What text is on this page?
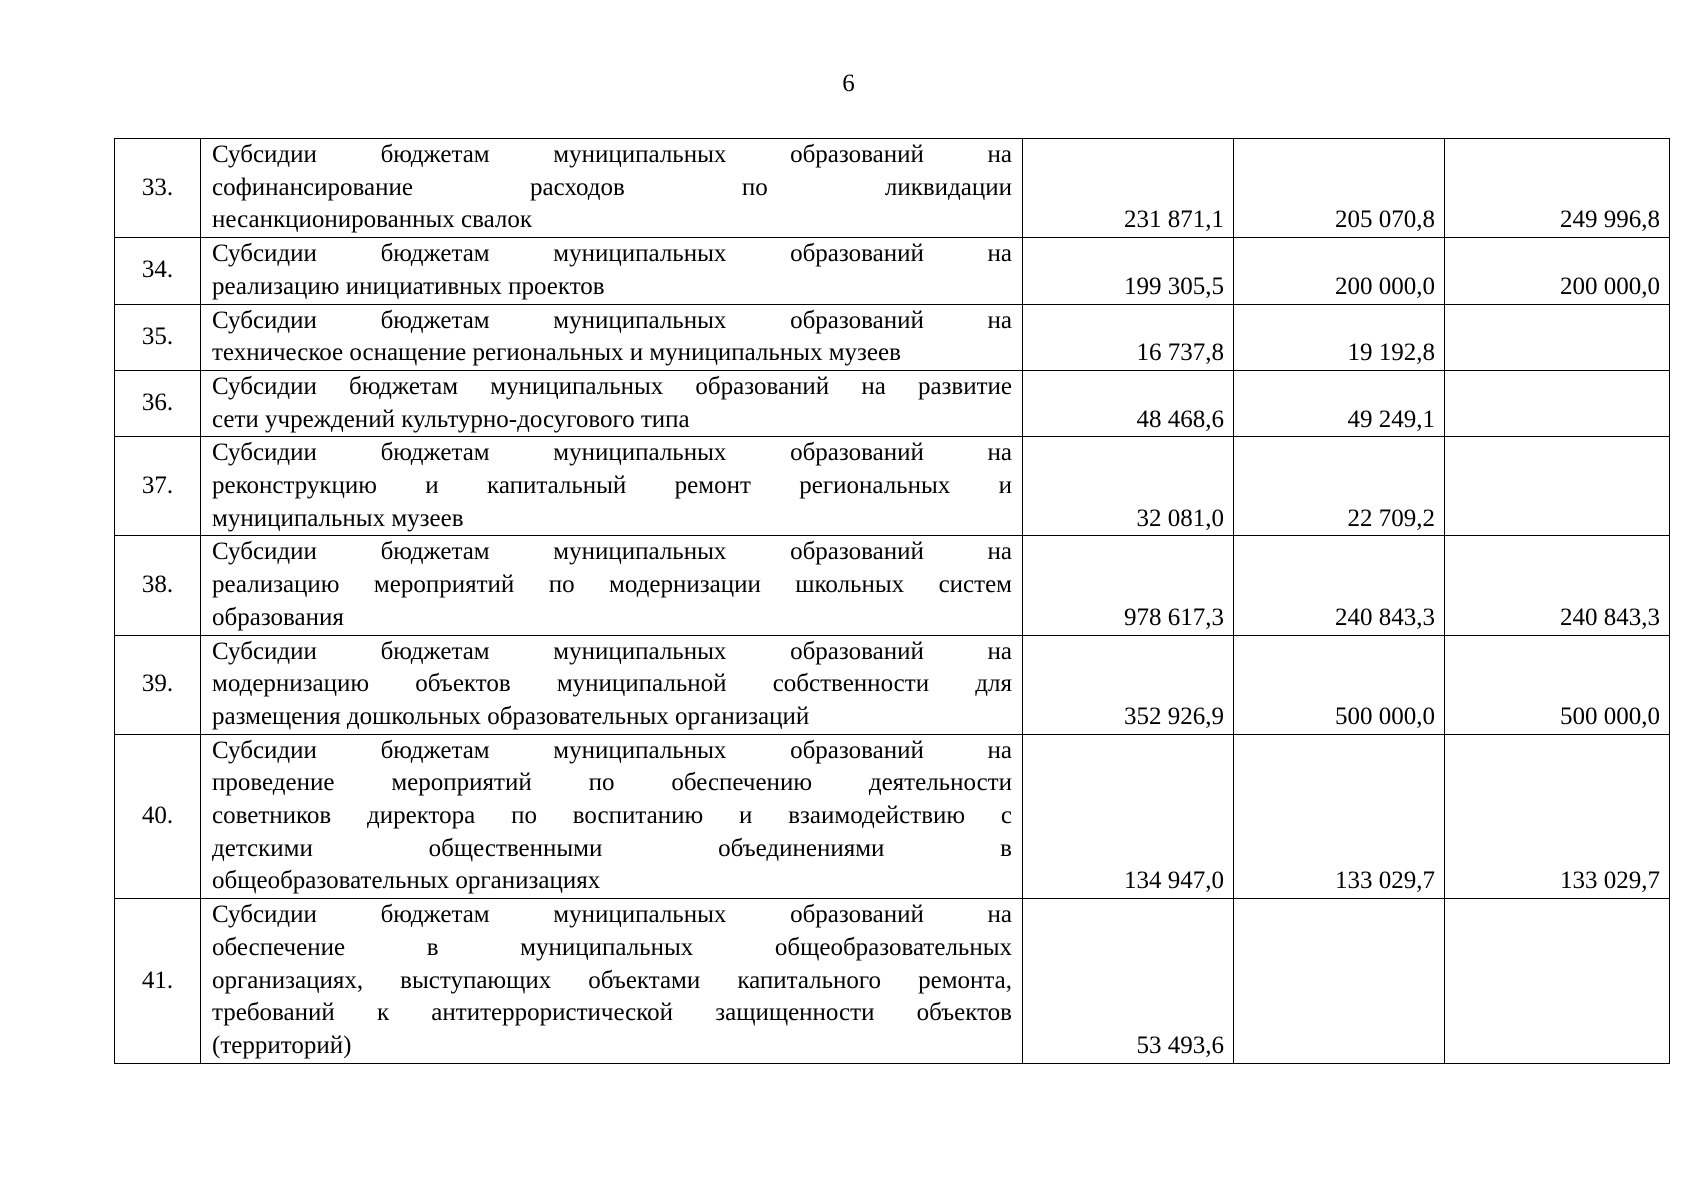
6
33.	Субсидии бюджетам муниципальных образований на
софинансирование расходов по ликвидации
несанкционированных свалок	231 871,1	205 070,8	249 996,8
34.	Субсидии бюджетам муниципальных образований на
реализацию инициативных проектов	199 305,5	200 000,0	200 000,0
35.	Субсидии бюджетам муниципальных образований на
техническое оснащение региональных и муниципальных музеев	16 737,8	19 192,8	
36.	Субсидии бюджетам муниципальных образований на развитие
сети учреждений культурно-досугового типа	48 468,6	49 249,1	
37.	Субсидии бюджетам муниципальных образований на
реконструкцию и капитальный ремонт региональных и
муниципальных музеев	32 081,0	22 709,2	
38.	Субсидии бюджетам муниципальных образований на
реализацию мероприятий по модернизации школьных систем
образования	978 617,3	240 843,3	240 843,3
39.	Субсидии бюджетам муниципальных образований на
модернизацию объектов муниципальной собственности для
размещения дошкольных образовательных организаций	352 926,9	500 000,0	500 000,0
40.	Субсидии бюджетам муниципальных образований на
проведение мероприятий по обеспечению деятельности
советников директора по воспитанию и взаимодействию с
детскими общественными объединениями в
общеобразовательных организациях	134 947,0	133 029,7	133 029,7
41.	Субсидии бюджетам муниципальных образований на
обеспечение в муниципальных общеобразовательных
организациях, выступающих объектами капитального ремонта,
требований к антитеррористической защищенности объектов
(территорий)	53 493,6		
